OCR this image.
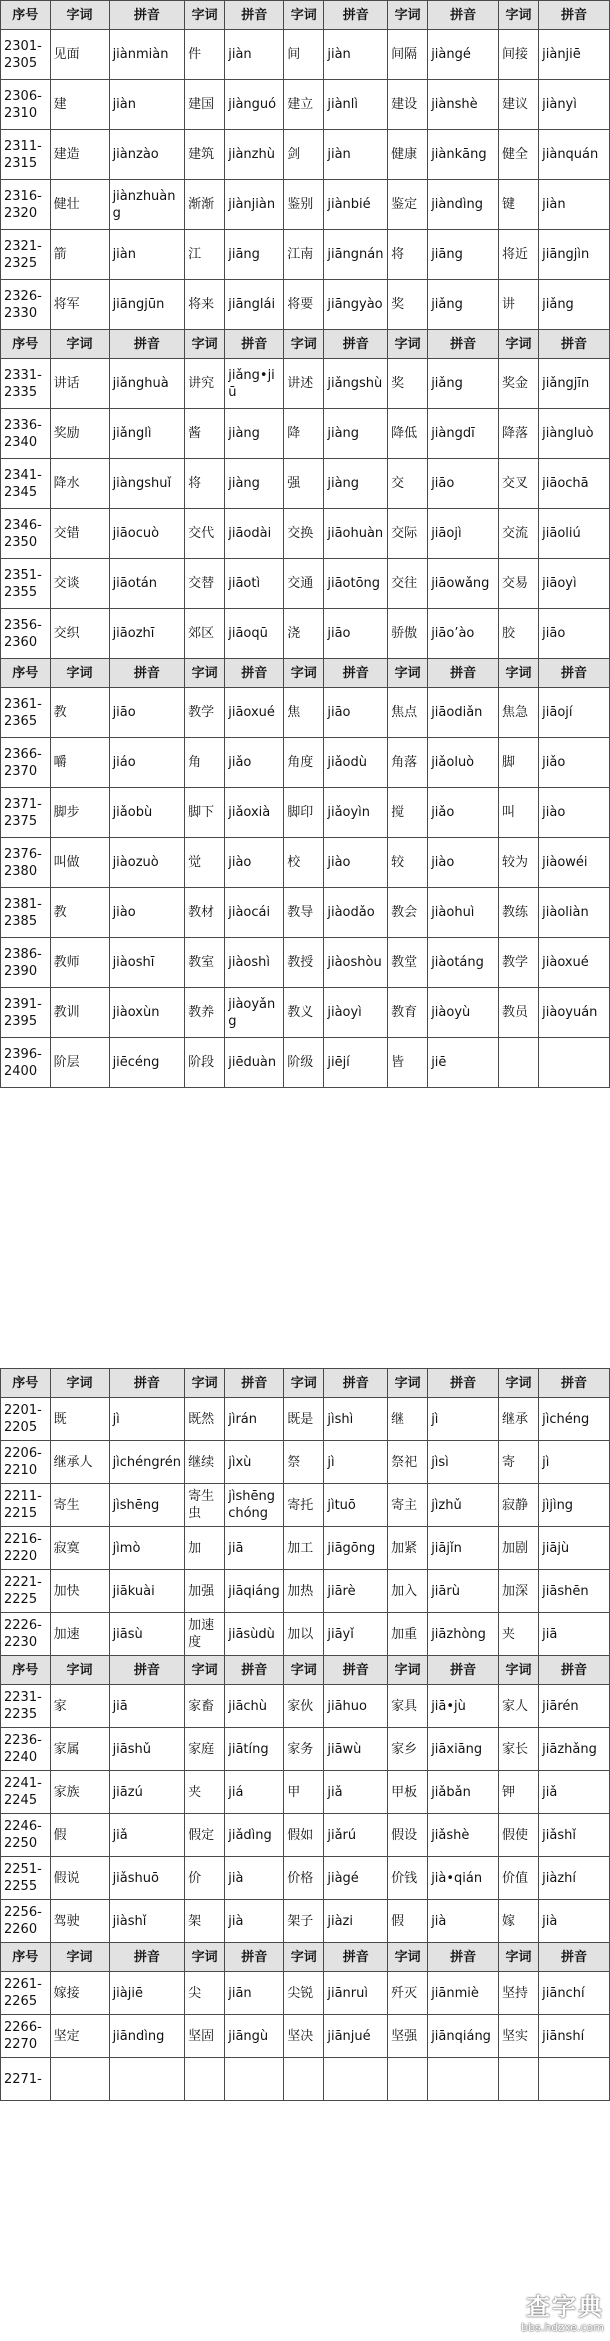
序号	字词	拼音	字词	拼音	字词	拼音	字词	拼音	字词	拼音
2301-2305	见面	jiànmiàn	件	jiàn	间	jiàn	间隔	jiàngé	间接	jiànjiē
2306-2310	建	jiàn	建国	jiànguó	建立	jiànlì	建设	jiànshè	建议	jiànyì
2311-2315	建造	jiànzào	建筑	jiànzhù	剑	jiàn	健康	jiànkāng	健全	jiànquán
2316-2320	健壮	jiànzhuàng	渐渐	jiànjiàn	鉴别	jiànbié	鉴定	jiàndìng	键	jiàn
2321-2325	箭	jiàn	江	jiāng	江南	jiāngnán	将	jiāng	将近	jiāngjìn
2326-2330	将军	jiāngjūn	将来	jiānglái	将要	jiāngyào	奖	jiǎng	讲	jiǎng
序号	字词	拼音	字词	拼音	字词	拼音	字词	拼音	字词	拼音
2331-2335	讲话	jiǎnghuà	讲究	jiǎng•jiū	讲述	jiǎngshù	奖	jiǎng	奖金	jiǎngjīn
2336-2340	奖励	jiǎnglì	酱	jiàng	降	jiàng	降低	jiàngdī	降落	jiàngluò
2341-2345	降水	jiàngshuǐ	将	jiàng	强	jiàng	交	jiāo	交叉	jiāochā
2346-2350	交错	jiāocuò	交代	jiāodài	交换	jiāohuàn	交际	jiāojì	交流	jiāoliú
2351-2355	交谈	jiāotán	交替	jiāotì	交通	jiāotōng	交往	jiāowǎng	交易	jiāoyì
2356-2360	交织	jiāozhī	郊区	jiāoqū	浇	jiāo	骄傲	jiāo’ào	胶	jiāo
序号	字词	拼音	字词	拼音	字词	拼音	字词	拼音	字词	拼音
2361-2365	教	jiāo	教学	jiāoxué	焦	jiāo	焦点	jiāodiǎn	焦急	jiāojí
2366-2370	嚼	jiáo	角	jiǎo	角度	jiǎodù	角落	jiǎoluò	脚	jiǎo
2371-2375	脚步	jiǎobù	脚下	jiǎoxià	脚印	jiǎoyìn	搅	jiǎo	叫	jiào
2376-2380	叫做	jiàozuò	觉	jiào	校	jiào	较	jiào	较为	jiàowéi
2381-2385	教	jiào	教材	jiàocái	教导	jiàodǎo	教会	jiàohuì	教练	jiàoliàn
2386-2390	教师	jiàoshī	教室	jiàoshì	教授	jiàoshòu	教堂	jiàotáng	教学	jiàoxué
2391-2395	教训	jiàoxùn	教养	jiàoyǎng	教义	jiàoyì	教育	jiàoyù	教员	jiàoyuán
2396-2400	阶层	jiēcéng	阶段	jiēduàn	阶级	jiējí	皆	jiē		
序号	字词	拼音	字词	拼音	字词	拼音	字词	拼音	字词	拼音
2201-2205	既	jì	既然	jìrán	既是	jìshì	继	jì	继承	jìchéng
2206-2210	继承人	jìchéngrén	继续	jìxù	祭	jì	祭祀	jìsì	寄	jì
2211-2215	寄生	jìshēng	寄生虫	jìshēngchóng	寄托	jìtuō	寄主	jìzhǔ	寂静	jìjìng
2216-2220	寂寞	jìmò	加	jiā	加工	jiāgōng	加紧	jiājǐn	加剧	jiājù
2221-2225	加快	jiākuài	加强	jiāqiáng	加热	jiārè	加入	jiārù	加深	jiāshēn
2226-2230	加速	jiāsù	加速度	jiāsùdù	加以	jiāyǐ	加重	jiāzhòng	夹	jiā
序号	字词	拼音	字词	拼音	字词	拼音	字词	拼音	字词	拼音
2231-2235	家	jiā	家畜	jiāchù	家伙	jiāhuo	家具	jiā•jù	家人	jiārén
2236-2240	家属	jiāshǔ	家庭	jiātíng	家务	jiāwù	家乡	jiāxiāng	家长	jiāzhǎng
2241-2245	家族	jiāzú	夹	jiá	甲	jiǎ	甲板	jiǎbǎn	钾	jiǎ
2246-2250	假	jiǎ	假定	jiǎdìng	假如	jiǎrú	假设	jiǎshè	假使	jiǎshǐ
2251-2255	假说	jiǎshuō	价	jià	价格	jiàgé	价钱	jià•qián	价值	jiàzhí
2256-2260	驾驶	jiàshǐ	架	jià	架子	jiàzi	假	jià	嫁	jià
序号	字词	拼音	字词	拼音	字词	拼音	字词	拼音	字词	拼音
2261-2265	嫁接	jiàjiē	尖	jiān	尖锐	jiānruì	歼灭	jiānmiè	坚持	jiānchí
2266-2270	坚定	jiāndìng	坚固	jiāngù	坚决	jiānjué	坚强	jiānqiáng	坚实	jiānshí
2271-										
查字典
bbs.hdzxe.com
